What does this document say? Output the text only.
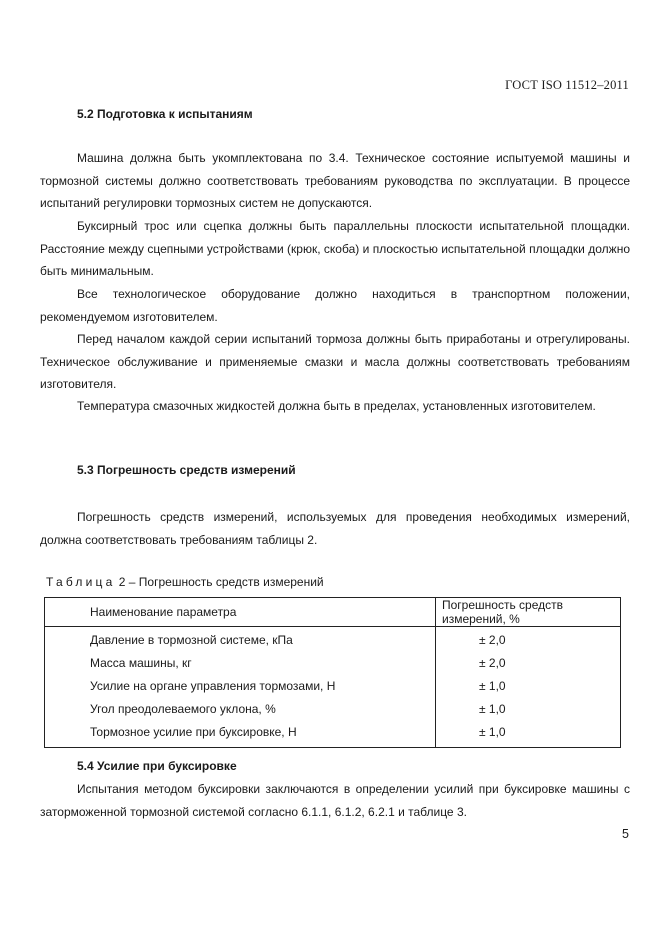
ГОСТ ISO 11512–2011
5.2 Подготовка к испытаниям

Машина должна быть укомплектована по 3.4. Техническое состояние испытуемой машины и тормозной системы должно соответствовать требованиям руководства по эксплуатации. В процессе испытаний регулировки тормозных систем не допускаются.

Буксирный трос или сцепка должны быть параллельны плоскости испытательной площадки. Расстояние между сцепными устройствами (крюк, скоба) и плоскостью испытательной площадки должно быть минимальным.

Все технологическое оборудование должно находиться в транспортном положении, рекомендуемом изготовителем.

Перед началом каждой серии испытаний тормоза должны быть приработаны и отрегулированы. Техническое обслуживание и применяемые смазки и масла должны соответствовать требованиям изготовителя.

Температура смазочных жидкостей должна быть в пределах, установленных изготовителем.

5.3 Погрешность средств измерений

Погрешность средств измерений, используемых для проведения необходимых измерений, должна соответствовать требованиям таблицы 2.

Таблица 2 – Погрешность средств измерений
Наименование параметра	Погрешность средств измерений, %
Давление в тормозной системе, кПа	± 2,0
Масса машины, кг	± 2,0
Усилие на органе управления тормозами, Н	± 1,0
Угол преодолеваемого уклона, %	± 1,0
Тормозное усилие при буксировке, Н	± 1,0
5.4 Усилие при буксировке

Испытания методом буксировки заключаются в определении усилий при буксировке машины с заторможенной тормозной системой согласно 6.1.1, 6.1.2, 6.2.1 и таблице 3.

5
